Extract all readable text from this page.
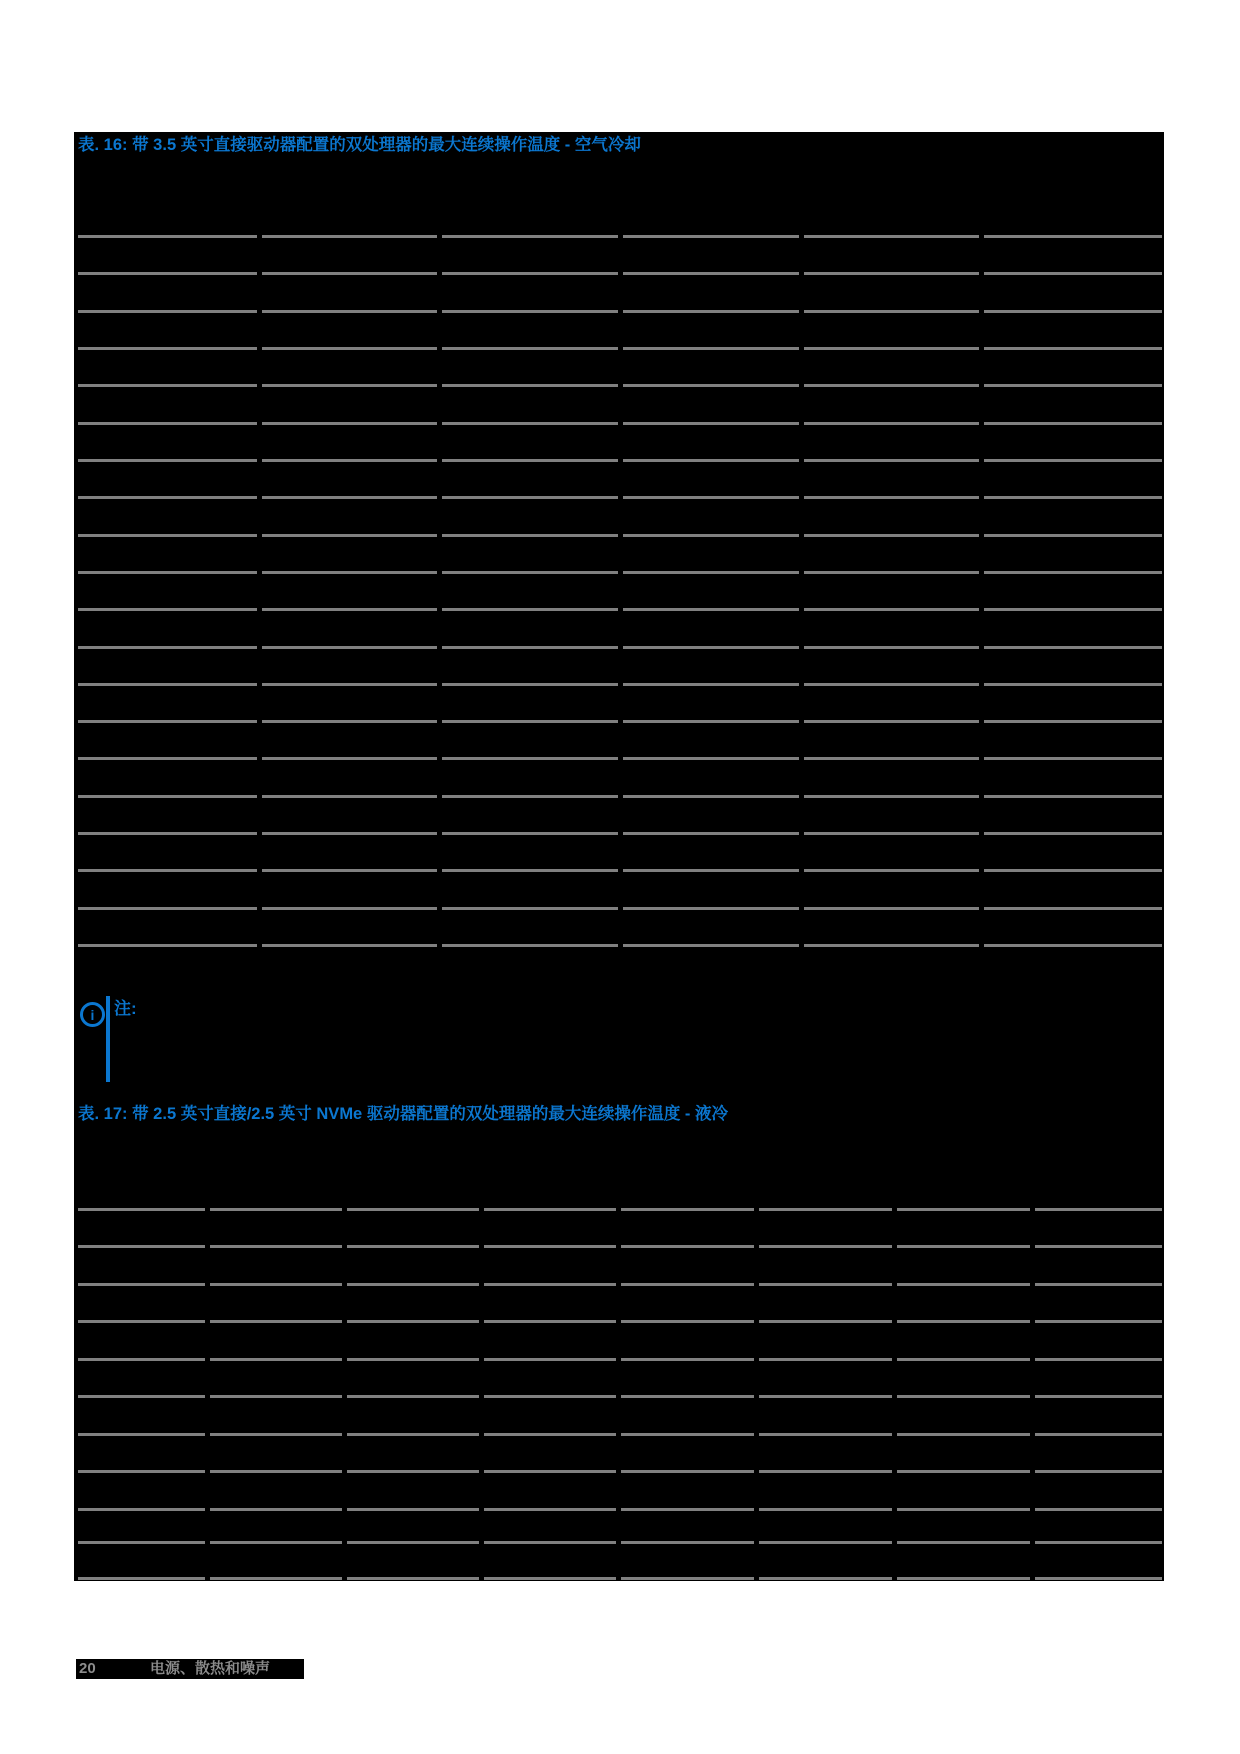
表. 16: 带 3.5 英寸直接驱动器配置的双处理器的最大连续操作温度 - 空气冷却
i 注:
表. 17: 带 2.5 英寸直接/2.5 英寸 NVMe 驱动器配置的双处理器的最大连续操作温度 - 液冷
20	电源、散热和噪声
